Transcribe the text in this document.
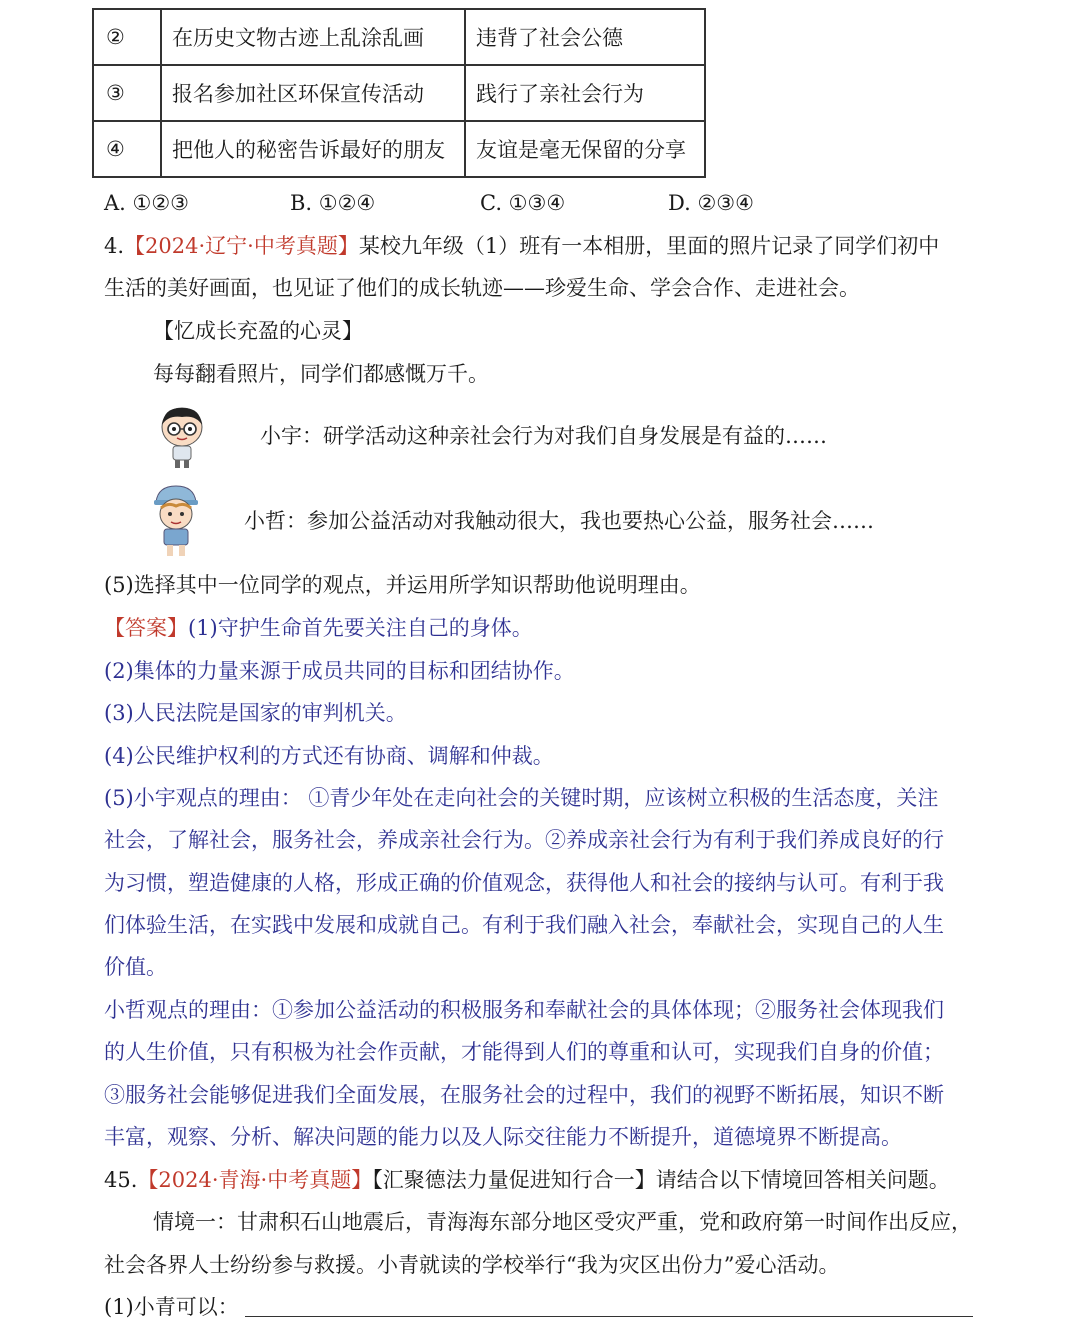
②	在历史文物古迹上乱涂乱画	违背了社会公德
③	报名参加社区环保宣传活动	践行了亲社会行为
④	把他人的秘密告诉最好的朋友	友谊是毫无保留的分享
A. ①②③	B. ①②④	C. ①③④	D. ②③④
4.【2024·辽宁·中考真题】某校九年级（1）班有一本相册，里面的照片记录了同学们初中
生活的美好画面，也见证了他们的成长轨迹——珍爱生命、学会合作、走进社会。
【忆成长充盈的心灵】
每每翻看照片，同学们都感慨万千。
小宇：研学活动这种亲社会行为对我们自身发展是有益的……
小哲：参加公益活动对我触动很大，我也要热心公益，服务社会……
(5)选择其中一位同学的观点，并运用所学知识帮助他说明理由。
【答案】(1)守护生命首先要关注自己的身体。
(2)集体的力量来源于成员共同的目标和团结协作。
(3)人民法院是国家的审判机关。
(4)公民维护权利的方式还有协商、调解和仲裁。
(5)小宇观点的理由： ①青少年处在走向社会的关键时期，应该树立积极的生活态度，关注
社会，了解社会，服务社会，养成亲社会行为。②养成亲社会行为有利于我们养成良好的行
为习惯，塑造健康的人格，形成正确的价值观念，获得他人和社会的接纳与认可。有利于我
们体验生活，在实践中发展和成就自己。有利于我们融入社会，奉献社会，实现自己的人生
价值。
小哲观点的理由：①参加公益活动的积极服务和奉献社会的具体体现；②服务社会体现我们
的人生价值，只有积极为社会作贡献，才能得到人们的尊重和认可，实现我们自身的价值；
③服务社会能够促进我们全面发展，在服务社会的过程中，我们的视野不断拓展，知识不断
丰富，观察、分析、解决问题的能力以及人际交往能力不断提升，道德境界不断提高。
45.【2024·青海·中考真题】【汇聚德法力量促进知行合一】请结合以下情境回答相关问题。
情境一：甘肃积石山地震后，青海海东部分地区受灾严重，党和政府第一时间作出反应，
社会各界人士纷纷参与救援。小青就读的学校举行“我为灾区出份力”爱心活动。
(1)小青可以：
